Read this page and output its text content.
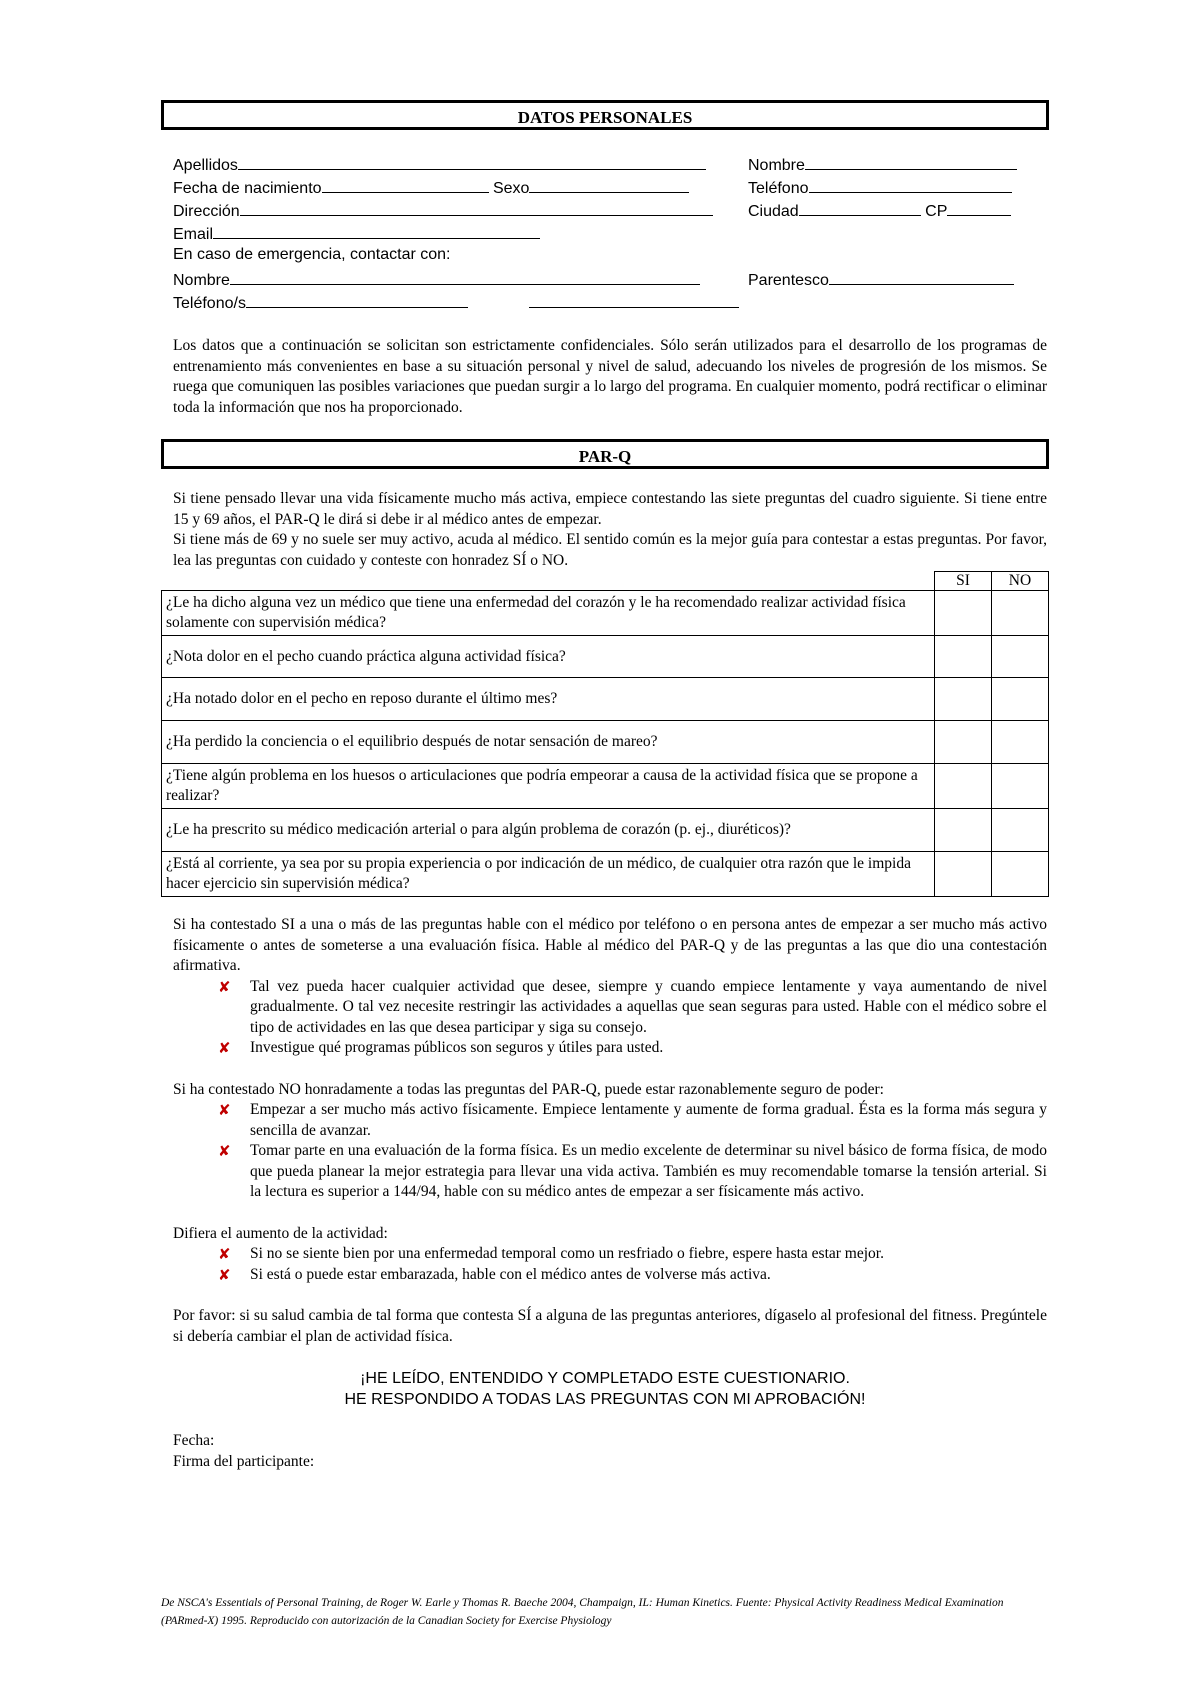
DATOS PERSONALES
Apellidos	Nombre
Fecha de nacimiento	Sexo	Teléfono
Dirección	Ciudad	CP
Email
En caso de emergencia, contactar con:
Nombre	Parentesco
Teléfono/s
Los datos que a continuación se solicitan son estrictamente confidenciales. Sólo serán utilizados para el desarrollo de los programas de entrenamiento más convenientes en base a su situación personal y nivel de salud, adecuando los niveles de progresión de los mismos. Se ruega que comuniquen las posibles variaciones que puedan surgir a lo largo del programa. En cualquier momento, podrá rectificar o eliminar toda la información que nos ha proporcionado.
PAR-Q

Si tiene pensado llevar una vida físicamente mucho más activa, empiece contestando las siete preguntas del cuadro siguiente. Si tiene entre 15 y 69 años, el PAR-Q le dirá si debe ir al médico antes de empezar.

Si tiene más de 69 y no suele ser muy activo, acuda al médico. El sentido común es la mejor guía para contestar a estas preguntas. Por favor, lea las preguntas con cuidado y conteste con honradez SÍ o NO.

	SI	NO
¿Le ha dicho alguna vez un médico que tiene una enfermedad del corazón y le ha recomendado realizar actividad física solamente con supervisión médica?		
¿Nota dolor en el pecho cuando práctica alguna actividad física?		
¿Ha notado dolor en el pecho en reposo durante el último mes?		
¿Ha perdido la conciencia o el equilibrio después de notar sensación de mareo?		
¿Tiene algún problema en los huesos o articulaciones que podría empeorar a causa de la actividad física que se propone a realizar?		
¿Le ha prescrito su médico medicación arterial o para algún problema de corazón (p. ej., diuréticos)?		
¿Está al corriente, ya sea por su propia experiencia o por indicación de un médico, de cualquier otra razón que le impida hacer ejercicio sin supervisión médica?		

Si ha contestado SI a una o más de las preguntas hable con el médico por teléfono o en persona antes de empezar a ser mucho más activo físicamente o antes de someterse a una evaluación física. Hable al médico del PAR-Q y de las preguntas a las que dio una contestación afirmativa.

✘ Tal vez pueda hacer cualquier actividad que desee, siempre y cuando empiece lentamente y vaya aumentando de nivel gradualmente. O tal vez necesite restringir las actividades a aquellas que sean seguras para usted. Hable con el médico sobre el tipo de actividades en las que desea participar y siga su consejo.
✘ Investigue qué programas públicos son seguros y útiles para usted.

Si ha contestado NO honradamente a todas las preguntas del PAR-Q, puede estar razonablemente seguro de poder:

✘ Empezar a ser mucho más activo físicamente. Empiece lentamente y aumente de forma gradual. Ésta es la forma más segura y sencilla de avanzar.
✘ Tomar parte en una evaluación de la forma física. Es un medio excelente de determinar su nivel básico de forma física, de modo que pueda planear la mejor estrategia para llevar una vida activa. También es muy recomendable tomarse la tensión arterial. Si la lectura es superior a 144/94, hable con su médico antes de empezar a ser físicamente más activo.

Difiera el aumento de la actividad:

✘ Si no se siente bien por una enfermedad temporal como un resfriado o fiebre, espere hasta estar mejor.
✘ Si está o puede estar embarazada, hable con el médico antes de volverse más activa.

Por favor: si su salud cambia de tal forma que contesta SÍ a alguna de las preguntas anteriores, dígaselo al profesional del fitness. Pregúntele si debería cambiar el plan de actividad física.

¡HE LEÍDO, ENTENDIDO Y COMPLETADO ESTE CUESTIONARIO.
HE RESPONDIDO A TODAS LAS PREGUNTAS CON MI APROBACIÓN!

Fecha:

Firma del participante:

De NSCA's Essentials of Personal Training, de Roger W. Earle y Thomas R. Baeche 2004, Champaign, IL: Human Kinetics. Fuente: Physical Activity Readiness Medical Examination (PARmed-X) 1995. Reproducido con autorización de la Canadian Society for Exercise Physiology
